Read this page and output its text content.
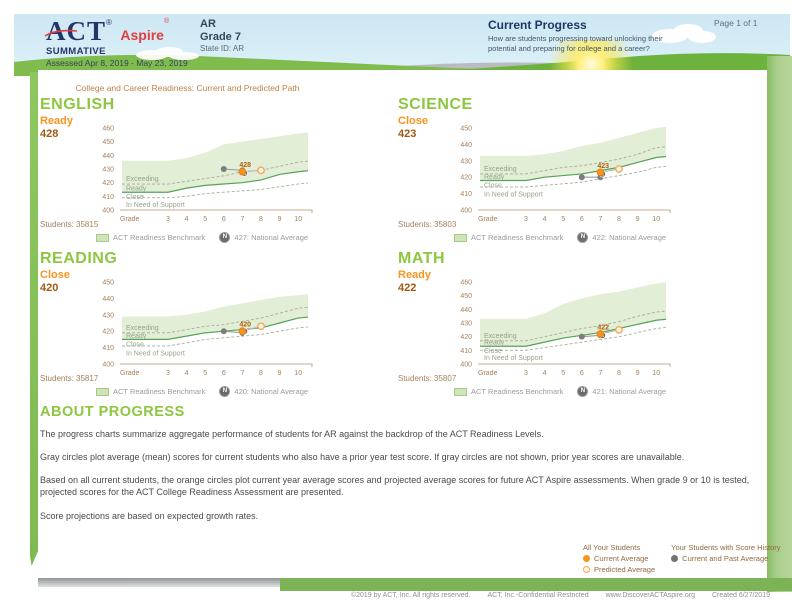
ACT® Aspire®
SUMMATIVE
Assessed Apr 8, 2019 - May 23, 2019
AR
Grade 7
State ID: AR
Current Progress
How are students progressing toward unlocking their potential and preparing for college and a career?
Page 1 of 1
College and Career Readiness: Current and Predicted Path
ENGLISH
Ready
428
Students: 35815
400
410
420
430
440
450
460
Exceeding
Ready
Close
In Need of Support
Grade	3 4 5 6 7 8 9 10
428
ACT Readiness Benchmark	N 427: National Average
SCIENCE
Close
423
Students: 35803
400
410
420
430
440
450
Exceeding
Ready
Close
In Need of Support
Grade	3 4 5 6 7 8 9 10
423
ACT Readiness Benchmark	N 422: National Average
READING
Close
420
Students: 35817
400
410
420
430
440
450
Exceeding
Ready
Close
In Need of Support
Grade	3 4 5 6 7 8 9 10
420
ACT Readiness Benchmark	N 420: National Average
MATH
Ready
422
Students: 35807
400
410
420
430
440
450
460
Exceeding
Ready
Close
In Need of Support
Grade	3 4 5 6 7 8 9 10
422
ACT Readiness Benchmark	N 421: National Average
ABOUT PROGRESS

The progress charts summarize aggregate performance of students for AR against the backdrop of the ACT Readiness Levels.

Gray circles plot average (mean) scores for current students who also have a prior year test score. If gray circles are not shown, prior year scores are unavailable.

Based on all current students, the orange circles plot current year average scores and projected average scores for future ACT Aspire assessments. When grade 9 or 10 is tested, projected scores for the ACT College Readiness Assessment are presented.

Score projections are based on expected growth rates.

All Your Students
Current Average
Predicted Average
Your Students with Score History
Current and Past Average
©2019 by ACT, Inc. All rights reserved. ACT, Inc.-Confidential Restricted www.DiscoverACTAspire.org Created 6/27/2019
